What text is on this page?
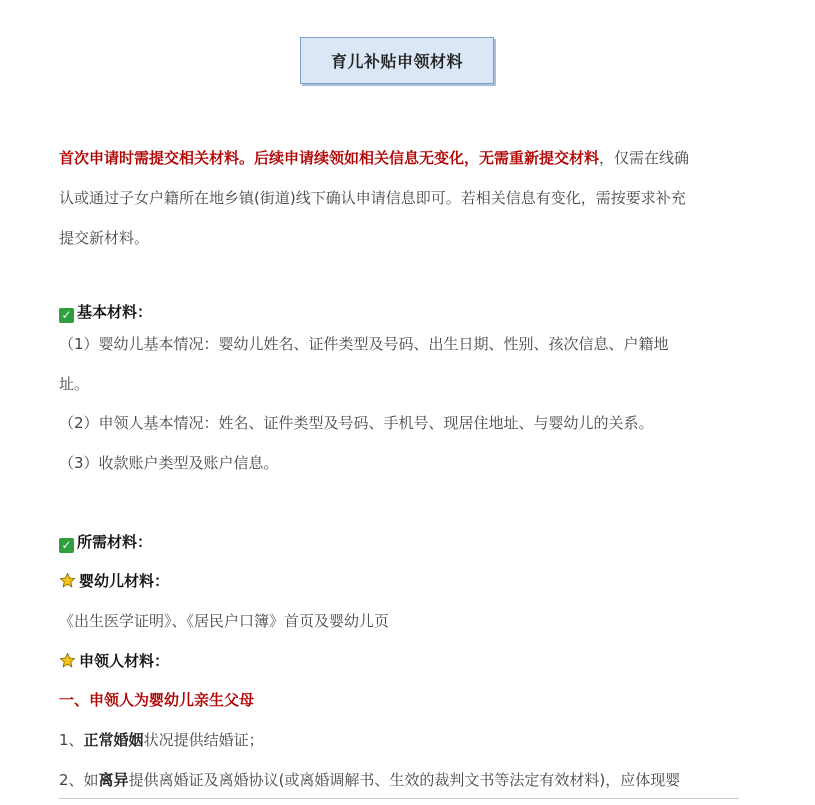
育儿补贴申领材料
首次申请时需提交相关材料。后续申请续领如相关信息无变化，无需重新提交材料，仅需在线确
认或通过子女户籍所在地乡镇(街道)线下确认申请信息即可。若相关信息有变化，需按要求补充
提交新材料。
✓ 基本材料：
（1）婴幼儿基本情况：婴幼儿姓名、证件类型及号码、出生日期、性别、孩次信息、户籍地
址。
（2）申领人基本情况：姓名、证件类型及号码、手机号、现居住地址、与婴幼儿的关系。
（3）收款账户类型及账户信息。
✓ 所需材料：
婴幼儿材料：
《出生医学证明》、《居民户口簿》首页及婴幼儿页
申领人材料：
一、申领人为婴幼儿亲生父母
1、正常婚姻状况提供结婚证；
2、如离异提供离婚证及离婚协议(或离婚调解书、生效的裁判文书等法定有效材料)，应体现婴
